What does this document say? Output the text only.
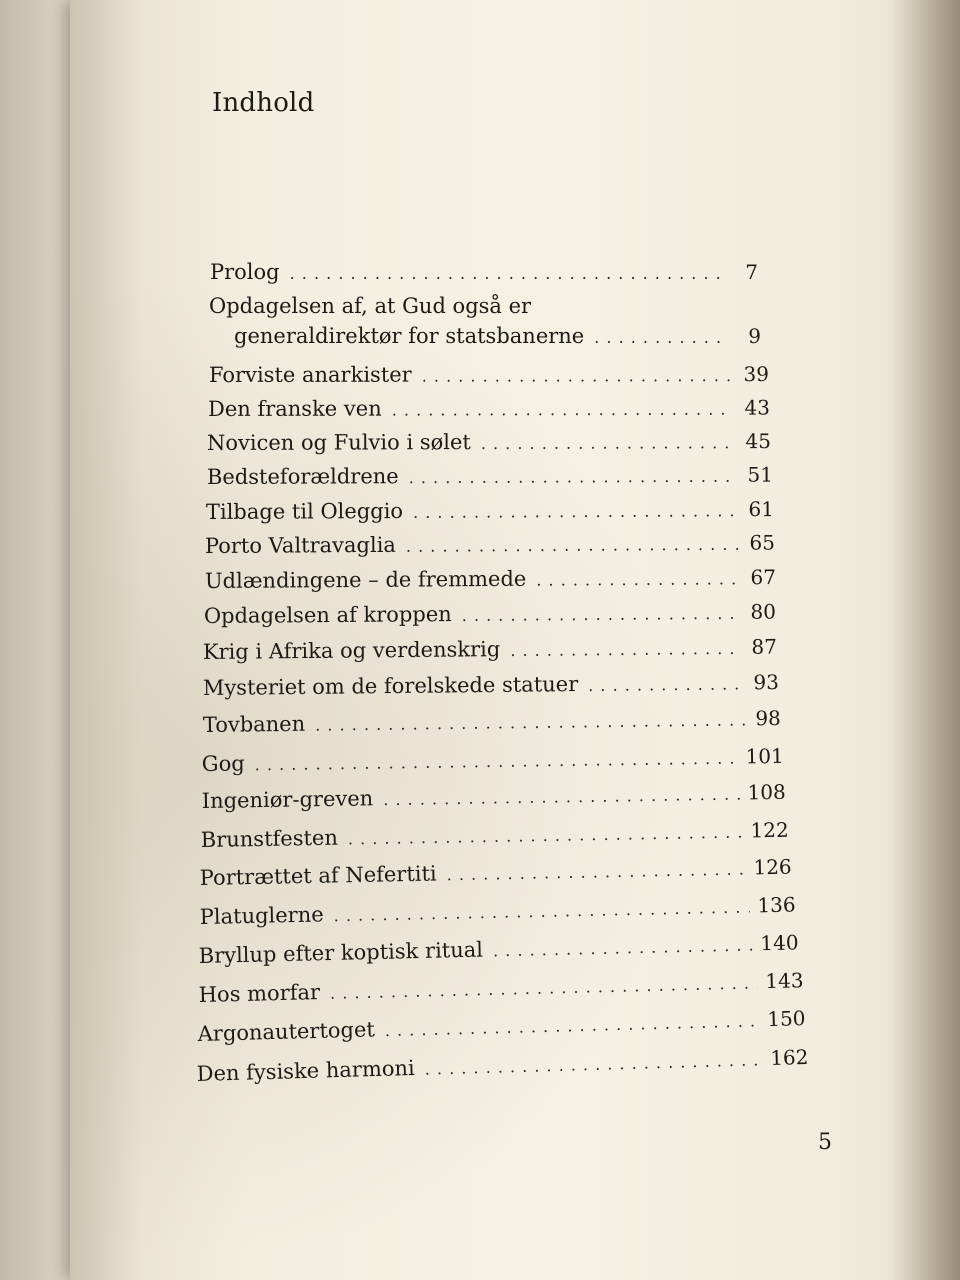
Indhold
Prolog . . .	7
Opdagelsen af, at Gud også er
generaldirektør for statsbanerne . . .	9
Forviste anarkister . . .	39
Den franske ven . . .	43
Novicen og Fulvio i sølet . . .	45
Bedsteforældrene . . .	51
Tilbage til Oleggio . . .	61
Porto Valtravaglia . . .	65
Udlændingene – de fremmede . . .	67
Opdagelsen af kroppen . . .	80
Krig i Afrika og verdenskrig . . .	87
Mysteriet om de forelskede statuer . . .	93
Tovbanen . . .	98
Gog . . .	101
Ingeniør-greven . . .	108
Brunstfesten . . .	122
Portrættet af Nefertiti . . .	126
Platuglerne . . .	136
Bryllup efter koptisk ritual . . .	140
Hos morfar . . .	143
Argonautertoget . . .	150
Den fysiske harmoni . . .	162
5
